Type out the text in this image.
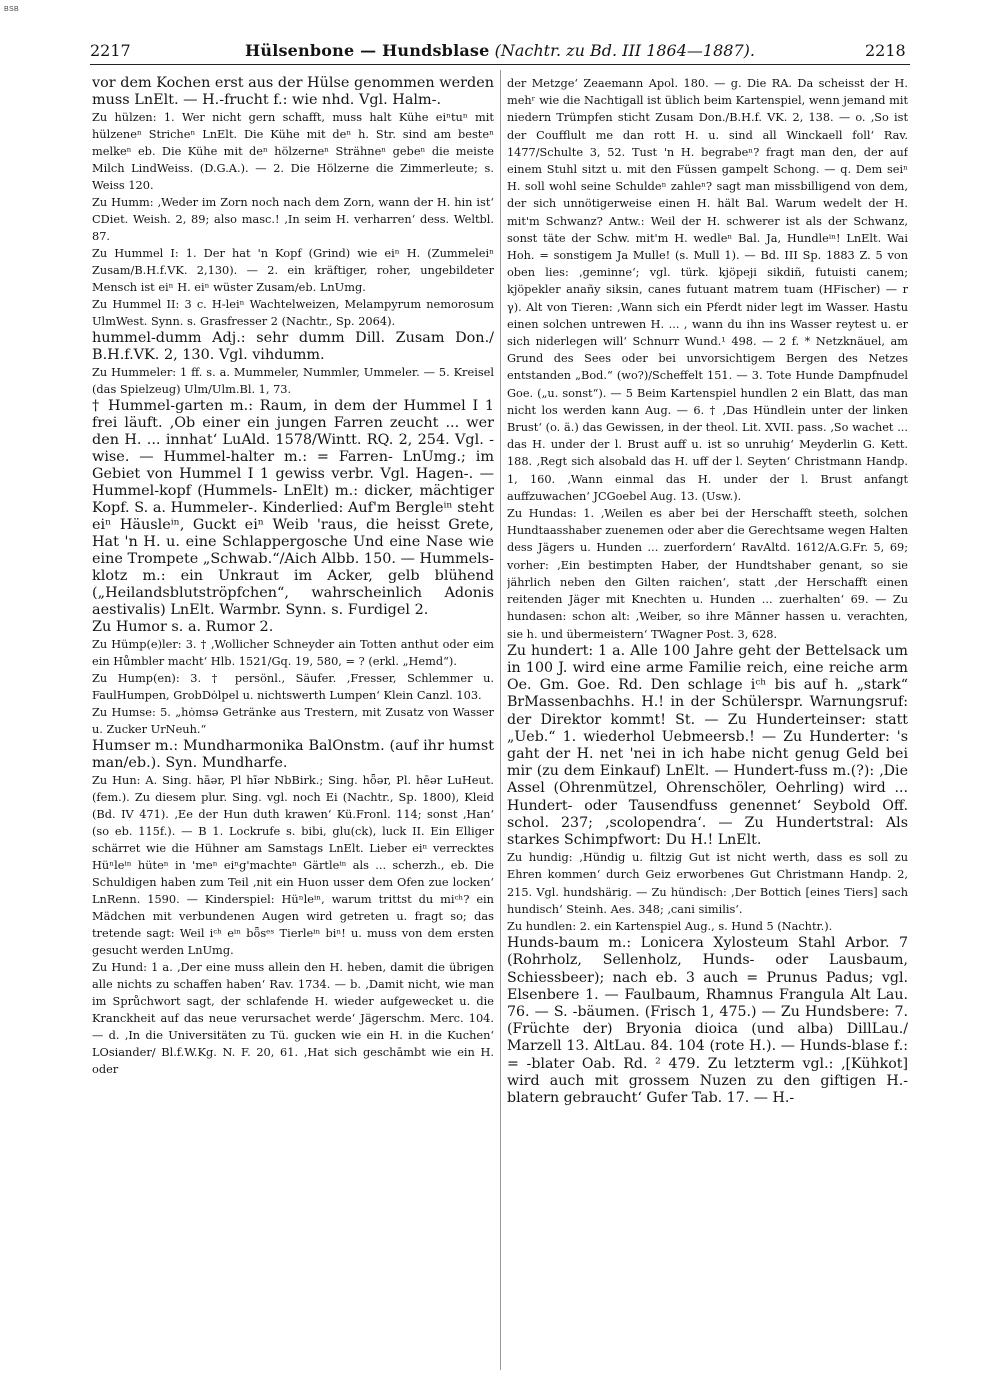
BSB
2217	Hülsenbone — Hundsblase (Nachtr. zu Bd. III 1864—1887).	2218

vor dem Kochen erst aus der Hülse genommen werden muss LnElt. — H.-frucht f.: wie nhd. Vgl. Halm-.

Zu hülzen: 1. Wer nicht gern schafft, muss halt Kühe eiⁿtuⁿ mit hülzeneⁿ Stricheⁿ LnElt. Die Kühe mit deⁿ h. Str. sind am besteⁿ melkeⁿ eb. Die Kühe mit deⁿ hölzerneⁿ Strähneⁿ gebeⁿ die meiste Milch LindWeiss. (D.G.A.). — 2. Die Hölzerne die Zimmerleute; s. Weiss 120.

Zu Humm: ‚Weder im Zorn noch nach dem Zorn, wann der H. hin ist‘ CDiet. Weish. 2, 89; also masc.! ‚In seim H. verharren‘ dess. Weltbl. 87.

Zu Hummel I: 1. Der hat 'n Kopf (Grind) wie eiⁿ H. (Zummeleiⁿ Zusam/B.H.f.VK. 2,130). — 2. ein kräftiger, roher, ungebildeter Mensch ist eiⁿ H. eiⁿ wüster Zusam/eb. LnUmg.

Zu Hummel II: 3 c. H-leiⁿ Wachtelweizen, Melampyrum nemorosum UlmWest. Synn. s. Grasfresser 2 (Nachtr., Sp. 2064).

hummel-dumm Adj.: sehr dumm Dill. Zusam Don./ B.H.f.VK. 2, 130. Vgl. vihdumm.

Zu Hummeler: 1 ff. s. a. Mummeler, Nummler, Ummeler. — 5. Kreisel (das Spielzeug) Ulm/Ulm.Bl. 1, 73.

† Hummel-garten m.: Raum, in dem der Hummel I 1 frei läuft. ‚Ob einer ein jungen Farren zeucht ... wer den H. ... innhat‘ LuAld. 1578/Wintt. RQ. 2, 254. Vgl. -wise. — Hummel-halter m.: = Farren- LnUmg.; im Gebiet von Hummel I 1 gewiss verbr. Vgl. Hagen-. — Hummel-kopf (Hummels- LnElt) m.: dicker, mächtiger Kopf. S. a. Hummeler-. Kinderlied: Auf'm Bergleⁱⁿ steht eiⁿ Häusleⁱⁿ, Guckt eiⁿ Weib 'raus, die heisst Grete, Hat 'n H. u. eine Schlappergosche Und eine Nase wie eine Trompete „Schwab.“/Aich Albb. 150. — Hummels-klotz m.: ein Unkraut im Acker, gelb blühend („Heilandsblutströpfchen“, wahrscheinlich Adonis aestivalis) LnElt. Warmbr. Synn. s. Furdigel 2.

Zu Humor s. a. Rumor 2.

Zu Hümp(e)ler: 3. † ‚Wollicher Schneyder ain Totten anthut oder eim ein Hůmbler macht‘ Hlb. 1521/Gq. 19, 580, = ? (erkl. „Hemd“).

Zu Hump(en): 3. † persönl., Säufer. ‚Fresser, Schlemmer u. FaulHumpen, GrobDȯlpel u. nichtswerth Lumpen‘ Klein Canzl. 103.

Zu Humse: 5. „hȯmsə Getränke aus Trestern, mit Zusatz von Wasser u. Zucker UrNeuh.“

Humser m.: Mundharmonika BalOnstm. (auf ihr humst man/eb.). Syn. Mundharfe.

Zu Hun: A. Sing. hāər, Pl hīər NbBirk.; Sing. hȫər, Pl. hēər LuHeut. (fem.). Zu diesem plur. Sing. vgl. noch Ei (Nachtr., Sp. 1800), Kleid (Bd. IV 471). ‚Ee der Hun duth krawen‘ Kü.Fronl. 114; sonst ‚Han‘ (so eb. 115f.). — B 1. Lockrufe s. bibi, glu(ck), luck II. Ein Elliger schärret wie die Hühner am Samstags LnElt. Lieber eiⁿ verrecktes Hüⁿleⁱⁿ hüteⁿ in 'meⁿ eiⁿg'machteⁿ Gärtleⁱⁿ als ... scherzh., eb. Die Schuldigen haben zum Teil ‚nit ein Huon usser dem Ofen zue locken‘ LnRenn. 1590. — Kinderspiel: Hüⁿleⁱⁿ, warum trittst du miᶜʰ? ein Mädchen mit verbundenen Augen wird getreten u. fragt so; das tretende sagt: Weil iᶜʰ eⁱⁿ bȫsᵉˢ Tierleⁱⁿ biⁿ! u. muss von dem ersten gesucht werden LnUmg.

Zu Hund: 1 a. ‚Der eine muss allein den H. heben, damit die übrigen alle nichts zu schaffen haben‘ Rav. 1734. — b. ‚Damit nicht, wie man im Sprůchwort sagt, der schlafende H. wieder aufgewecket u. die Kranckheit auf das neue verursachet werde‘ Jägerschm. Merc. 104. — d. ‚In die Universitäten zu Tü. gucken wie ein H. in die Kuchen‘ LOsiander/ Bl.f.W.Kg. N. F. 20, 61. ‚Hat sich geschāmbt wie ein H. oder

der Metzge‘ Zeaemann Apol. 180. — g. Die RA. Da scheisst der H. mehʳ wie die Nachtigall ist üblich beim Kartenspiel, wenn jemand mit niedern Trümpfen sticht Zusam Don./B.H.f. VK. 2, 138. — o. ‚So ist der Coufflult me dan rott H. u. sind all Winckaell foll‘ Rav. 1477/Schulte 3, 52. Tust 'n H. begrabeⁿ? fragt man den, der auf einem Stuhl sitzt u. mit den Füssen gampelt Schong. — q. Dem seiⁿ H. soll wohl seine Schuldeⁿ zahleⁿ? sagt man missbilligend von dem, der sich unnötigerweise einen H. hält Bal. Warum wedelt der H. mit'm Schwanz? Antw.: Weil der H. schwerer ist als der Schwanz, sonst täte der Schw. mit'm H. wedleⁿ Bal. Ja, Hundleⁱⁿ! LnElt. Wai Hoh. = sonstigem Ja Mulle! (s. Mull 1). — Bd. III Sp. 1883 Z. 5 von oben lies: ‚geminne‘; vgl. türk. kjöpeji sikdiñ, futuisti canem; kjöpekler anañy siksin, canes futuant matrem tuam (HFischer) — r γ). Alt von Tieren: ‚Wann sich ein Pferdt nider legt im Wasser. Hastu einen solchen untrewen H. ... , wann du ihn ins Wasser reytest u. er sich niderlegen will‘ Schnurr Wund.¹ 498. — 2 f. * Netzknäuel, am Grund des Sees oder bei unvorsichtigem Bergen des Netzes entstanden „Bod.“ (wo?)/Scheffelt 151. — 3. Tote Hunde Dampfnudel Goe. („u. sonst“). — 5 Beim Kartenspiel hundlen 2 ein Blatt, das man nicht los werden kann Aug. — 6. † ‚Das Hündlein unter der linken Brust‘ (o. ä.) das Gewissen, in der theol. Lit. XVII. pass. ‚So wachet ... das H. under der l. Brust auff u. ist so unruhig‘ Meyderlin G. Kett. 188. ‚Regt sich alsobald das H. uff der l. Seyten‘ Christmann Handp. 1, 160. ‚Wann einmal das H. under der l. Brust anfangt auffzuwachen‘ JCGoebel Aug. 13. (Usw.).

Zu Hundas: 1. ‚Weilen es aber bei der Herschafft steeth, solchen Hundtaasshaber zuenemen oder aber die Gerechtsame wegen Halten dess Jägers u. Hunden ... zuerfordern‘ RavAltd. 1612/A.G.Fr. 5, 69; vorher: ‚Ein bestimpten Haber, der Hundtshaber genant, so sie jährlich neben den Gilten raichen‘, statt ‚der Herschafft einen reitenden Jäger mit Knechten u. Hunden ... zuerhalten‘ 69. — Zu hundasen: schon alt: ‚Weiber, so ihre Mānner hassen u. verachten, sie h. und übermeistern‘ TWagner Post. 3, 628.

Zu hundert: 1 a. Alle 100 Jahre geht der Bettelsack um in 100 J. wird eine arme Familie reich, eine reiche arm Oe. Gm. Goe. Rd. Den schlage iᶜʰ bis auf h. „stark“ BrMassenbachhs. H.! in der Schülerspr. Warnungsruf: der Direktor kommt! St. — Zu Hunderteinser: statt „Ueb.“ 1. wiederhol Uebmeersb.! — Zu Hunderter: 's gaht der H. net 'nei in ich habe nicht genug Geld bei mir (zu dem Einkauf) LnElt. — Hundert-fuss m.(?): ‚Die Assel (Ohrenmützel, Ohrenschöler, Oehrling) wird ... Hundert- oder Tausendfuss genennet‘ Seybold Off. schol. 237; ‚scolopendra‘. — Zu Hundertstral: Als starkes Schimpfwort: Du H.! LnElt.

Zu hundig: ‚Hündig u. filtzig Gut ist nicht werth, dass es soll zu Ehren kommen‘ durch Geiz erworbenes Gut Christmann Handp. 2, 215. Vgl. hundshärig. — Zu hündisch: ‚Der Bottich [eines Tiers] sach hundisch‘ Steinh. Aes. 348; ‚cani similis‘.

Zu hundlen: 2. ein Kartenspiel Aug., s. Hund 5 (Nachtr.).

Hunds-baum m.: Lonicera Xylosteum Stahl Arbor. 7 (Rohrholz, Sellenholz, Hunds- oder Lausbaum, Schiessbeer); nach eb. 3 auch = Prunus Padus; vgl. Elsenbere 1. — Faulbaum, Rhamnus Frangula Alt Lau. 76. — S. -bäumen. (Frisch 1, 475.) — Zu Hundsbere: 7. (Früchte der) Bryonia dioica (und alba) DillLau./ Marzell 13. AltLau. 84. 104 (rote H.). — Hunds-blase f.: = -blater Oab. Rd. ² 479. Zu letzterm vgl.: ‚[Kühkot] wird auch mit grossem Nuzen zu den giftigen H.-blatern gebraucht‘ Gufer Tab. 17. — H.-
